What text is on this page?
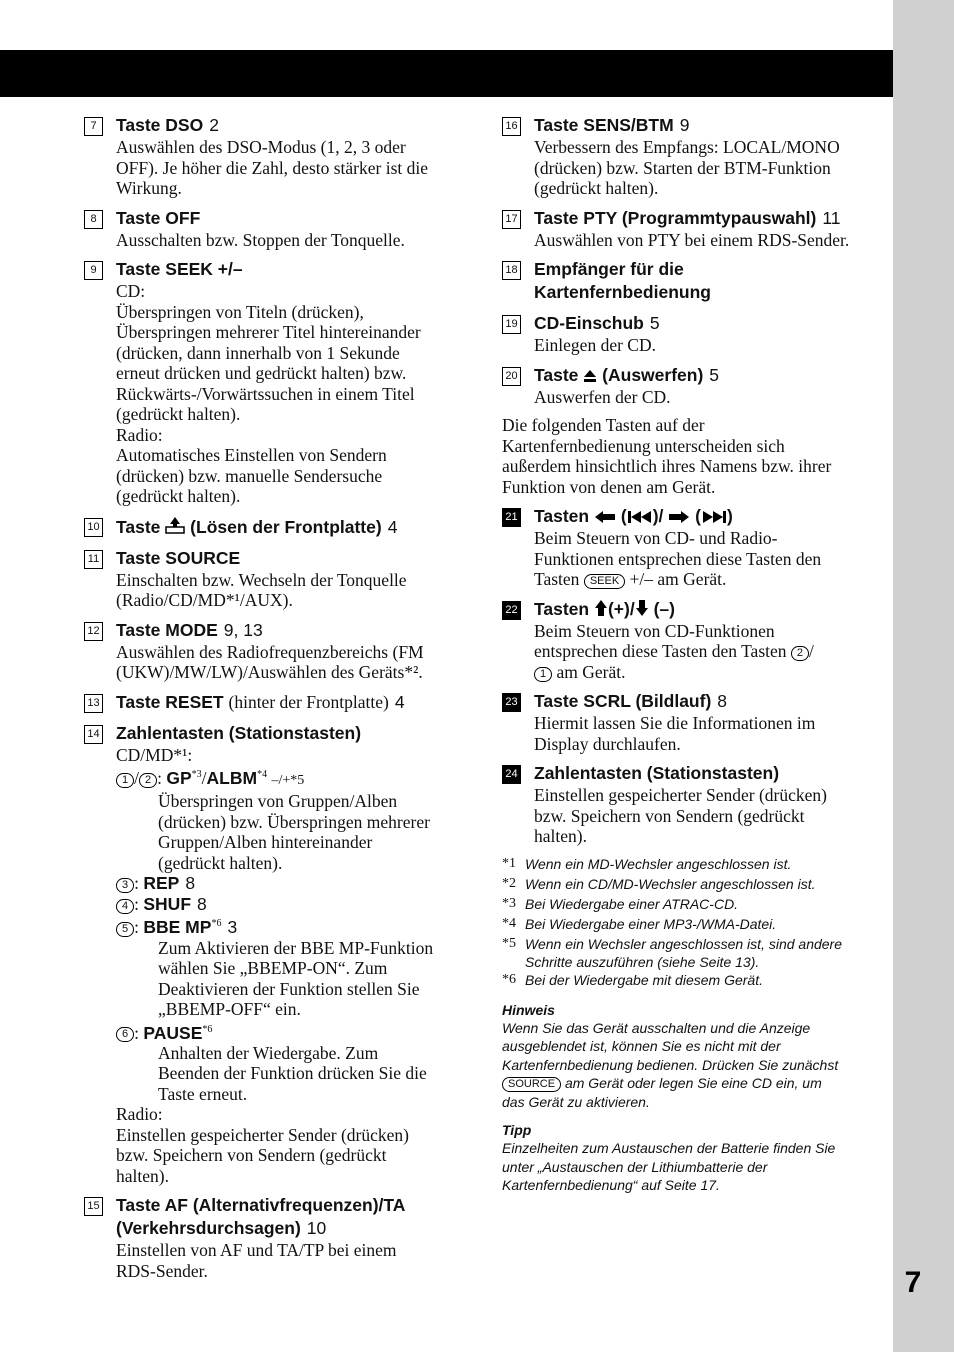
7
7	Taste DSO 2
Auswählen des DSO-Modus (1, 2, 3 oder
OFF). Je höher die Zahl, desto stärker ist die
Wirkung.
8	Taste OFF
Ausschalten bzw. Stoppen der Tonquelle.
9	Taste SEEK +/–
CD:
Überspringen von Titeln (drücken),
Überspringen mehrerer Titel hintereinander
(drücken, dann innerhalb von 1 Sekunde
erneut drücken und gedrückt halten) bzw.
Rückwärts-/Vorwärtssuchen in einem Titel
(gedrückt halten).
Radio:
Automatisches Einstellen von Sendern
(drücken) bzw. manuelle Sendersuche
(gedrückt halten).
10 Taste (Lösen der Frontplatte) 4
11 Taste SOURCE
Einschalten bzw. Wechseln der Tonquelle
(Radio/CD/MD*¹/AUX).
12 Taste MODE 9, 13
Auswählen des Radiofrequenzbereichs (FM
(UKW)/MW/LW)/Auswählen des Geräts*².
13 Taste RESET (hinter der Frontplatte) 4
14 Zahlentasten (Stationstasten)
CD/MD*¹:
1 / 2 : GP$^{*3}$/ALBM$^{*4}$ –/+*5
Überspringen von Gruppen/Alben
(drücken) bzw. Überspringen mehrerer
Gruppen/Alben hintereinander
(gedrückt halten).
3 : REP 8
4 : SHUF 8
5 : BBE MP$^{*6}$ 3
Zum Aktivieren der BBE MP-Funktion
wählen Sie „BBEMP-ON“. Zum
Deaktivieren der Funktion stellen Sie
„BBEMP-OFF“ ein.
6 : PAUSE$^{*6}$
Anhalten der Wiedergabe. Zum
Beenden der Funktion drücken Sie die
Taste erneut.
Radio:
Einstellen gespeicherter Sender (drücken)
bzw. Speichern von Sendern (gedrückt
halten).
15 Taste AF (Alternativfrequenzen)/TA
(Verkehrsdurchsagen) 10
Einstellen von AF und TA/TP bei einem
RDS-Sender.
16 Taste SENS/BTM 9
Verbessern des Empfangs: LOCAL/MONO
(drücken) bzw. Starten der BTM-Funktion
(gedrückt halten).
17 Taste PTY (Programmtypauswahl) 11
Auswählen von PTY bei einem RDS-Sender.
18 Empfänger für die
Kartenfernbedienung
19 CD-Einschub 5
Einlegen der CD.
20 Taste (Auswerfen) 5
Auswerfen der CD.
Die folgenden Tasten auf der
Kartenfernbedienung unterscheiden sich
außerdem hinsichtlich ihres Namens bzw. ihrer
Funktion von denen am Gerät.
21 Tasten ( )/ ( )
Beim Steuern von CD- und Radio-
Funktionen entsprechen diese Tasten den
Tasten SEEK +/– am Gerät.
22 Tasten (+)/ (–)
Beim Steuern von CD-Funktionen
entsprechen diese Tasten den Tasten 2 /
1 am Gerät.
23 Taste SCRL (Bildlauf) 8
Hiermit lassen Sie die Informationen im
Display durchlaufen.
24 Zahlentasten (Stationstasten)
Einstellen gespeicherter Sender (drücken)
bzw. Speichern von Sendern (gedrückt
halten).
*1 Wenn ein MD-Wechsler angeschlossen ist.
*2 Wenn ein CD/MD-Wechsler angeschlossen ist.
*3 Bei Wiedergabe einer ATRAC-CD.
*4 Bei Wiedergabe einer MP3-/WMA-Datei.
*5 Wenn ein Wechsler angeschlossen ist, sind andere
Schritte auszuführen (siehe Seite 13).
*6 Bei der Wiedergabe mit diesem Gerät.
Hinweis
Wenn Sie das Gerät ausschalten und die Anzeige
ausgeblendet ist, können Sie es nicht mit der
Kartenfernbedienung bedienen. Drücken Sie zunächst
SOURCE am Gerät oder legen Sie eine CD ein, um
das Gerät zu aktivieren.
Tipp
Einzelheiten zum Austauschen der Batterie finden Sie
unter „Austauschen der Lithiumbatterie der
Kartenfernbedienung“ auf Seite 17.
